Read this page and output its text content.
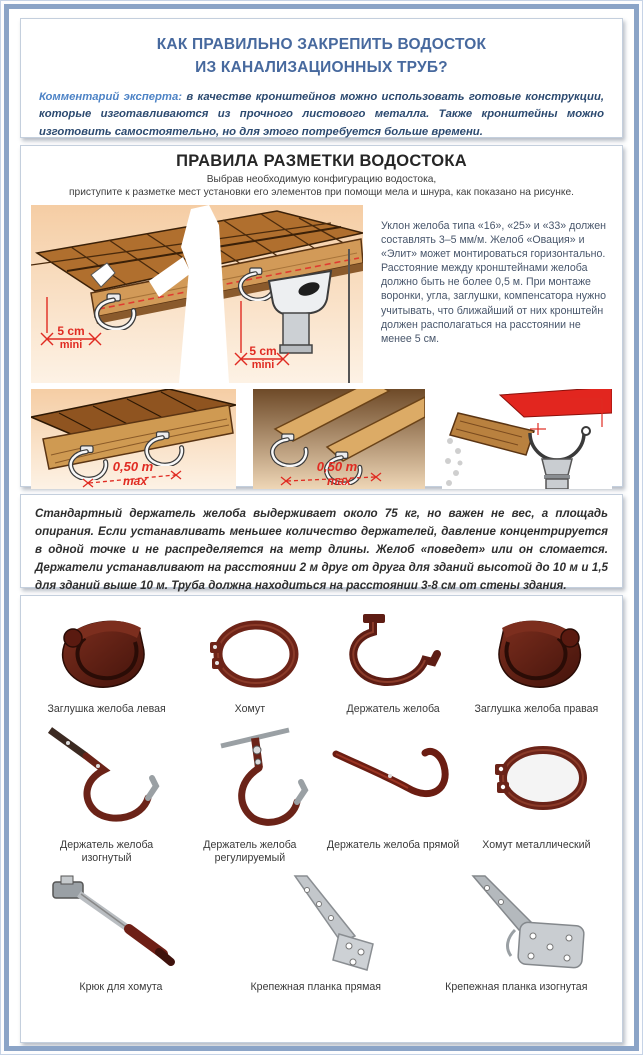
КАК ПРАВИЛЬНО ЗАКРЕПИТЬ ВОДОСТОК
ИЗ КАНАЛИЗАЦИОННЫХ ТРУБ?
Комментарий эксперта: в качестве кронштейнов можно использовать готовые конструкции, которые изготавливаются из прочного листового металла. Также кронштейны можно изготовить самостоятельно, но для этого потребуется больше времени.
ПРАВИЛА РАЗМЕТКИ ВОДОСТОКА
Выбрав необходимую конфигурацию водостока,
приступите к разметке мест установки его элементов при помощи мела и шнура, как показано на рисунке.
5 cm
mini	5 cm
mini
Уклон желоба типа «16», «25» и «33» должен составлять 3–5 мм/м. Желоб «Овация» и «Элит» может монтироваться горизонтально. Расстояние между кронштейнами желоба должно быть не более 0,5 м. При монтаже воронки, угла, заглушки, компенсатора нужно учитывать, что ближайший от них кронштейн должен располагаться на расстоянии не менее 5 см.
0,50 m
max
0,50 m
max
Стандартный держатель желоба выдерживает около 75 кг, но важен не вес, а площадь опирания. Если устанавливать меньшее количество держателей, давление концентрируется в одной точке и не распределяется на метр длины. Желоб «поведет» или он сломается. Держатели устанавливают на расстоянии 2 м друг от друга для зданий высотой до 10 м и 1,5 для зданий выше 10 м. Труба должна находиться на расстоянии 3-8 см от стены здания.
Заглушка желоба левая	Хомут	Держатель желоба	Заглушка желоба правая
Держатель желоба изогнутый
Держатель желоба регулируемый
Держатель желоба прямой Хомут металлический
Крюк для хомута	Крепежная планка прямая	Крепежная планка изогнутая
